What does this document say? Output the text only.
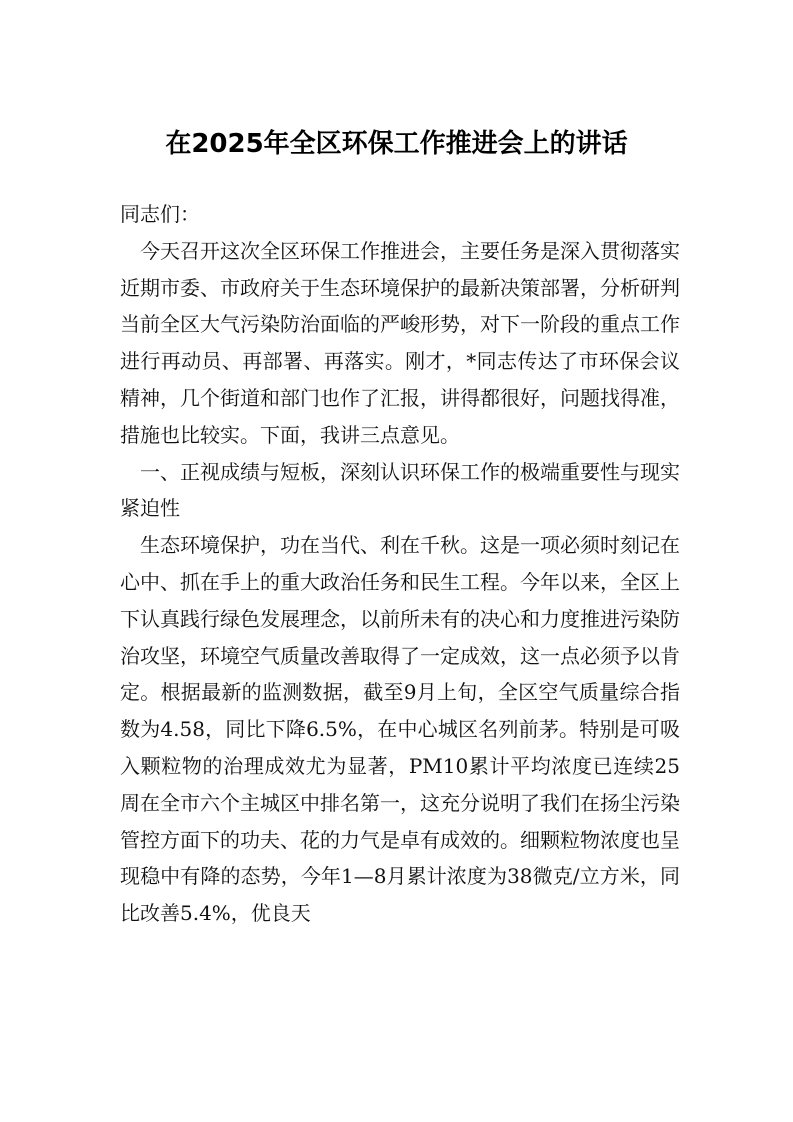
在2025年全区环保工作推进会上的讲话

同志们：

今天召开这次全区环保工作推进会，主要任务是深入贯彻落实近期市委、市政府关于生态环境保护的最新决策部署，分析研判当前全区大气污染防治面临的严峻形势，对下一阶段的重点工作进行再动员、再部署、再落实。刚才，*同志传达了市环保会议精神，几个街道和部门也作了汇报，讲得都很好，问题找得准，措施也比较实。下面，我讲三点意见。

一、正视成绩与短板，深刻认识环保工作的极端重要性与现实紧迫性

生态环境保护，功在当代、利在千秋。这是一项必须时刻记在心中、抓在手上的重大政治任务和民生工程。今年以来，全区上下认真践行绿色发展理念，以前所未有的决心和力度推进污染防治攻坚，环境空气质量改善取得了一定成效，这一点必须予以肯定。根据最新的监测数据，截至9月上旬，全区空气质量综合指数为4.58，同比下降6.5%，在中心城区名列前茅。特别是可吸入颗粒物的治理成效尤为显著，PM10累计平均浓度已连续25周在全市六个主城区中排名第一，这充分说明了我们在扬尘污染管控方面下的功夫、花的力气是卓有成效的。细颗粒物浓度也呈现稳中有降的态势，今年1—8月累计浓度为38微克/立方米，同比改善5.4%，优良天
